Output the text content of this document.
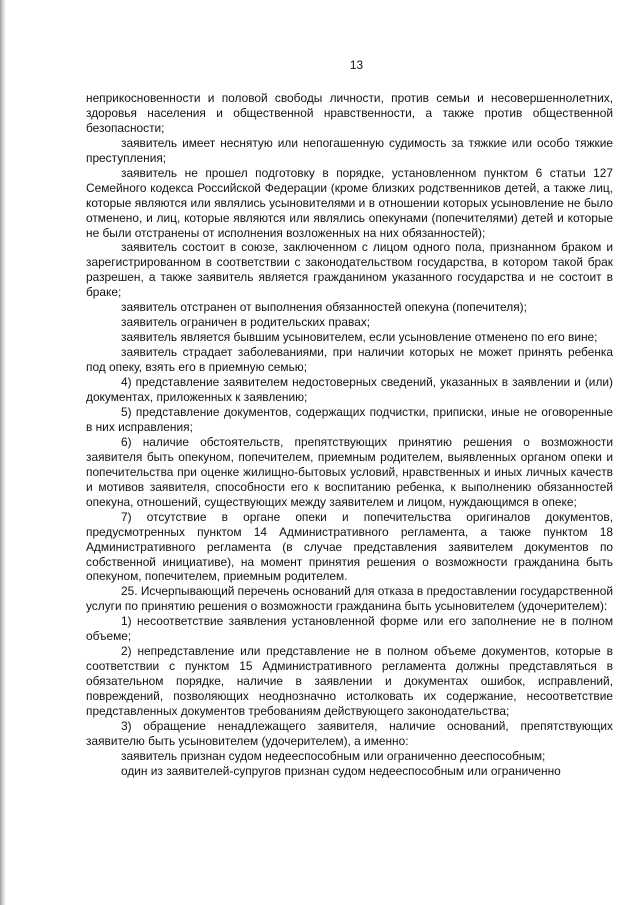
13

неприкосновенности и половой свободы личности, против семьи и несовершеннолетних, здоровья населения и общественной нравственности, а также против общественной безопасности;

заявитель имеет неснятую или непогашенную судимость за тяжкие или особо тяжкие преступления;

заявитель не прошел подготовку в порядке, установленном пунктом 6 статьи 127 Семейного кодекса Российской Федерации (кроме близких родственников детей, а также лиц, которые являются или являлись усыновителями и в отношении которых усыновление не было отменено, и лиц, которые являются или являлись опекунами (попечителями) детей и которые не были отстранены от исполнения возложенных на них обязанностей);

заявитель состоит в союзе, заключенном с лицом одного пола, признанном браком и зарегистрированном в соответствии с законодательством государства, в котором такой брак разрешен, а также заявитель является гражданином указанного государства и не состоит в браке;

заявитель отстранен от выполнения обязанностей опекуна (попечителя);

заявитель ограничен в родительских правах;

заявитель является бывшим усыновителем, если усыновление отменено по его вине;

заявитель страдает заболеваниями, при наличии которых не может принять ребенка под опеку, взять его в приемную семью;

4) представление заявителем недостоверных сведений, указанных в заявлении и (или) документах, приложенных к заявлению;

5) представление документов, содержащих подчистки, приписки, иные не оговоренные в них исправления;

6) наличие обстоятельств, препятствующих принятию решения о возможности заявителя быть опекуном, попечителем, приемным родителем, выявленных органом опеки и попечительства при оценке жилищно-бытовых условий, нравственных и иных личных качеств и мотивов заявителя, способности его к воспитанию ребенка, к выполнению обязанностей опекуна, отношений, существующих между заявителем и лицом, нуждающимся в опеке;

7) отсутствие в органе опеки и попечительства оригиналов документов, предусмотренных пунктом 14 Административного регламента, а также пунктом 18 Административного регламента (в случае представления заявителем документов по собственной инициативе), на момент принятия решения о возможности гражданина быть опекуном, попечителем, приемным родителем.

25. Исчерпывающий перечень оснований для отказа в предоставлении государственной услуги по принятию решения о возможности гражданина быть усыновителем (удочерителем):

1) несоответствие заявления установленной форме или его заполнение не в полном объеме;

2) непредставление или представление не в полном объеме документов, которые в соответствии с пунктом 15 Административного регламента должны представляться в обязательном порядке, наличие в заявлении и документах ошибок, исправлений, повреждений, позволяющих неоднозначно истолковать их содержание, несоответствие представленных документов требованиям действующего законодательства;

3) обращение ненадлежащего заявителя, наличие оснований, препятствующих заявителю быть усыновителем (удочерителем), а именно:

заявитель признан судом недееспособным или ограниченно дееспособным;

один из заявителей-супругов признан судом недееспособным или ограниченно
